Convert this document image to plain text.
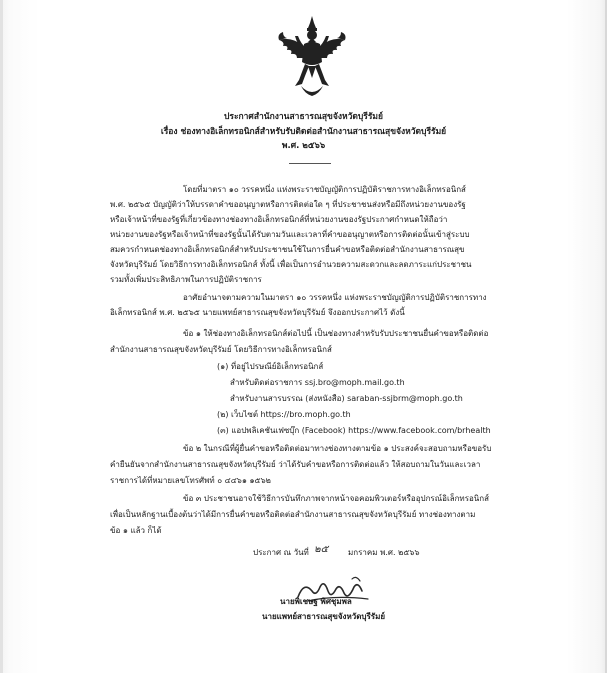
ประกาศสำนักงานสาธารณสุขจังหวัดบุรีรัมย์
เรื่อง ช่องทางอิเล็กทรอนิกส์สำหรับรับติดต่อสำนักงานสาธารณสุขจังหวัดบุรีรัมย์
พ.ศ. ๒๕๖๖
โดยที่มาตรา ๑๐ วรรคหนึ่ง แห่งพระราชบัญญัติการปฏิบัติราชการทางอิเล็กทรอนิกส์
พ.ศ. ๒๕๖๕ บัญญัติว่าให้บรรดาคำขออนุญาตหรือการติดต่อใด ๆ ที่ประชาชนส่งหรือมีถึงหน่วยงานของรัฐ
หรือเจ้าหน้าที่ของรัฐที่เกี่ยวข้องทางช่องทางอิเล็กทรอนิกส์ที่หน่วยงานของรัฐประกาศกำหนดให้ถือว่า
หน่วยงานของรัฐหรือเจ้าหน้าที่ของรัฐนั้นได้รับตามวันและเวลาที่คำขออนุญาตหรือการติดต่อนั้นเข้าสู่ระบบ
สมควรกำหนดช่องทางอิเล็กทรอนิกส์สำหรับประชาชนใช้ในการยื่นคำขอหรือติดต่อสำนักงานสาธารณสุข
จังหวัดบุรีรัมย์ โดยวิธีการทางอิเล็กทรอนิกส์ ทั้งนี้ เพื่อเป็นการอำนวยความสะดวกและลดภาระแก่ประชาชน
รวมทั้งเพิ่มประสิทธิภาพในการปฏิบัติราชการ
อาศัยอำนาจตามความในมาตรา ๑๐ วรรคหนึ่ง แห่งพระราชบัญญัติการปฏิบัติราชการทาง
อิเล็กทรอนิกส์ พ.ศ. ๒๕๖๕ นายแพทย์สาธารณสุขจังหวัดบุรีรัมย์ จึงออกประกาศไว้ ดังนี้
ข้อ ๑ ให้ช่องทางอิเล็กทรอนิกส์ต่อไปนี้ เป็นช่องทางสำหรับรับประชาชนยื่นคำขอหรือติดต่อ
สำนักงานสาธารณสุขจังหวัดบุรีรัมย์ โดยวิธีการทางอิเล็กทรอนิกส์
(๑) ที่อยู่ไปรษณีย์อิเล็กทรอนิกส์
สำหรับติดต่อราชการ ssj.bro@moph.mail.go.th
สำหรับงานสารบรรณ (ส่งหนังสือ) saraban-ssjbrm@moph.go.th
(๒) เว็บไซต์ https://bro.moph.go.th
(๓) แอปพลิเคชันเฟซบุ๊ก (Facebook) https://www.facebook.com/brhealth
ข้อ ๒ ในกรณีที่ผู้ยื่นคำขอหรือติดต่อมาทางช่องทางตามข้อ ๑ ประสงค์จะสอบถามหรือขอรับ
คำยืนยันจากสำนักงานสาธารณสุขจังหวัดบุรีรัมย์ ว่าได้รับคำขอหรือการติดต่อแล้ว ให้สอบถามในวันและเวลา
ราชการได้ที่หมายเลขโทรศัพท์ ๐ ๔๔๖๑ ๑๕๖๒
ข้อ ๓ ประชาชนอาจใช้วิธีการบันทึกภาพจากหน้าจอคอมพิวเตอร์หรืออุปกรณ์อิเล็กทรอนิกส์
เพื่อเป็นหลักฐานเบื้องต้นว่าได้มีการยื่นคำขอหรือติดต่อสำนักงานสาธารณสุขจังหวัดบุรีรัมย์ ทางช่องทางตาม
ข้อ ๑ แล้ว ก็ได้
ประกาศ ณ วันที่ ๒๕ มกราคม พ.ศ. ๒๕๖๖
นายพิเชษฐ พิศชุมพล
นายแพทย์สาธารณสุขจังหวัดบุรีรัมย์
